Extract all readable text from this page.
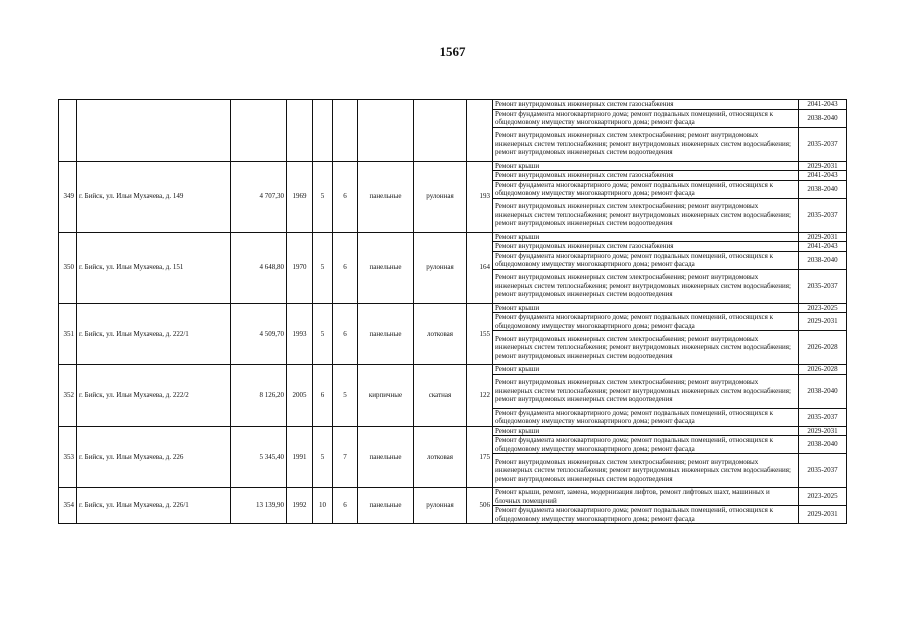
1567
									Ремонт внутридомовых инженерных систем газоснабжения	2041-2043
									Ремонт фундамента многоквартирного дома; ремонт подвальных помещений, относящихся к общедомовому имуществу многоквартирного дома; ремонт фасада	2038-2040
									Ремонт внутридомовых инженерных систем электроснабжения; ремонт внутридомовых инженерных систем теплоснабжения; ремонт внутридомовых инженерных систем водоснабжения; ремонт внутридомовых инженерных систем водоотведения	2035-2037
349	г. Бийск, ул. Ильи Мухачева, д. 149	4 707,30	1969	5	6	панельные	рулонная	193	Ремонт крыши	2029-2031
									Ремонт внутридомовых инженерных систем газоснабжения	2041-2043
									Ремонт фундамента многоквартирного дома; ремонт подвальных помещений, относящихся к общедомовому имуществу многоквартирного дома; ремонт фасада	2038-2040
									Ремонт внутридомовых инженерных систем электроснабжения; ремонт внутридомовых инженерных систем теплоснабжения; ремонт внутридомовых инженерных систем водоснабжения; ремонт внутридомовых инженерных систем водоотведения	2035-2037
350	г. Бийск, ул. Ильи Мухачева, д. 151	4 648,80	1970	5	6	панельные	рулонная	164	Ремонт крыши	2029-2031
									Ремонт внутридомовых инженерных систем газоснабжения	2041-2043
									Ремонт фундамента многоквартирного дома; ремонт подвальных помещений, относящихся к общедомовому имуществу многоквартирного дома; ремонт фасада	2038-2040
									Ремонт внутридомовых инженерных систем электроснабжения; ремонт внутридомовых инженерных систем теплоснабжения; ремонт внутридомовых инженерных систем водоснабжения; ремонт внутридомовых инженерных систем водоотведения	2035-2037
351	г. Бийск, ул. Ильи Мухачева, д. 222/1	4 509,70	1993	5	6	панельные	лотковая	155	Ремонт крыши	2023-2025
									Ремонт фундамента многоквартирного дома; ремонт подвальных помещений, относящихся к общедомовому имуществу многоквартирного дома; ремонт фасада	2029-2031
									Ремонт внутридомовых инженерных систем электроснабжения; ремонт внутридомовых инженерных систем теплоснабжения; ремонт внутридомовых инженерных систем водоснабжения; ремонт внутридомовых инженерных систем водоотведения	2026-2028
352	г. Бийск, ул. Ильи Мухачева, д. 222/2	8 126,20	2005	6	5	кирпичные	скатная	122	Ремонт крыши	2026-2028
									Ремонт внутридомовых инженерных систем электроснабжения; ремонт внутридомовых инженерных систем теплоснабжения; ремонт внутридомовых инженерных систем водоснабжения; ремонт внутридомовых инженерных систем водоотведения	2038-2040
									Ремонт фундамента многоквартирного дома; ремонт подвальных помещений, относящихся к общедомовому имуществу многоквартирного дома; ремонт фасада	2035-2037
353	г. Бийск, ул. Ильи Мухачева, д. 226	5 345,40	1991	5	7	панельные	лотковая	175	Ремонт крыши	2029-2031
									Ремонт фундамента многоквартирного дома; ремонт подвальных помещений, относящихся к общедомовому имуществу многоквартирного дома; ремонт фасада	2038-2040
									Ремонт внутридомовых инженерных систем электроснабжения; ремонт внутридомовых инженерных систем теплоснабжения; ремонт внутридомовых инженерных систем водоснабжения; ремонт внутридомовых инженерных систем водоотведения	2035-2037
354	г. Бийск, ул. Ильи Мухачева, д. 226/1	13 139,90	1992	10	6	панельные	рулонная	506	Ремонт крыши, ремонт, замена, модернизация лифтов, ремонт лифтовых шахт, машинных и блочных помещений	2023-2025
									Ремонт фундамента многоквартирного дома; ремонт подвальных помещений, относящихся к общедомовому имуществу многоквартирного дома; ремонт фасада	2029-2031
